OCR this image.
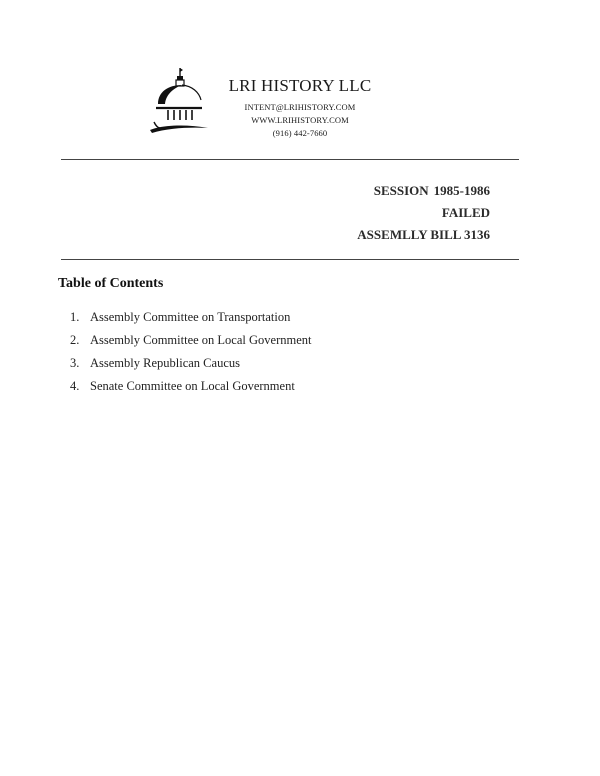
LRI HISTORY LLC
INTENT@LRIHISTORY.COM
WWW.LRIHISTORY.COM
(916) 442-7660
SESSION 1985-1986
FAILED
ASSEMLLY BILL 3136
Table of Contents
1. Assembly Committee on Transportation
2. Assembly Committee on Local Government
3. Assembly Republican Caucus
4. Senate Committee on Local Government
